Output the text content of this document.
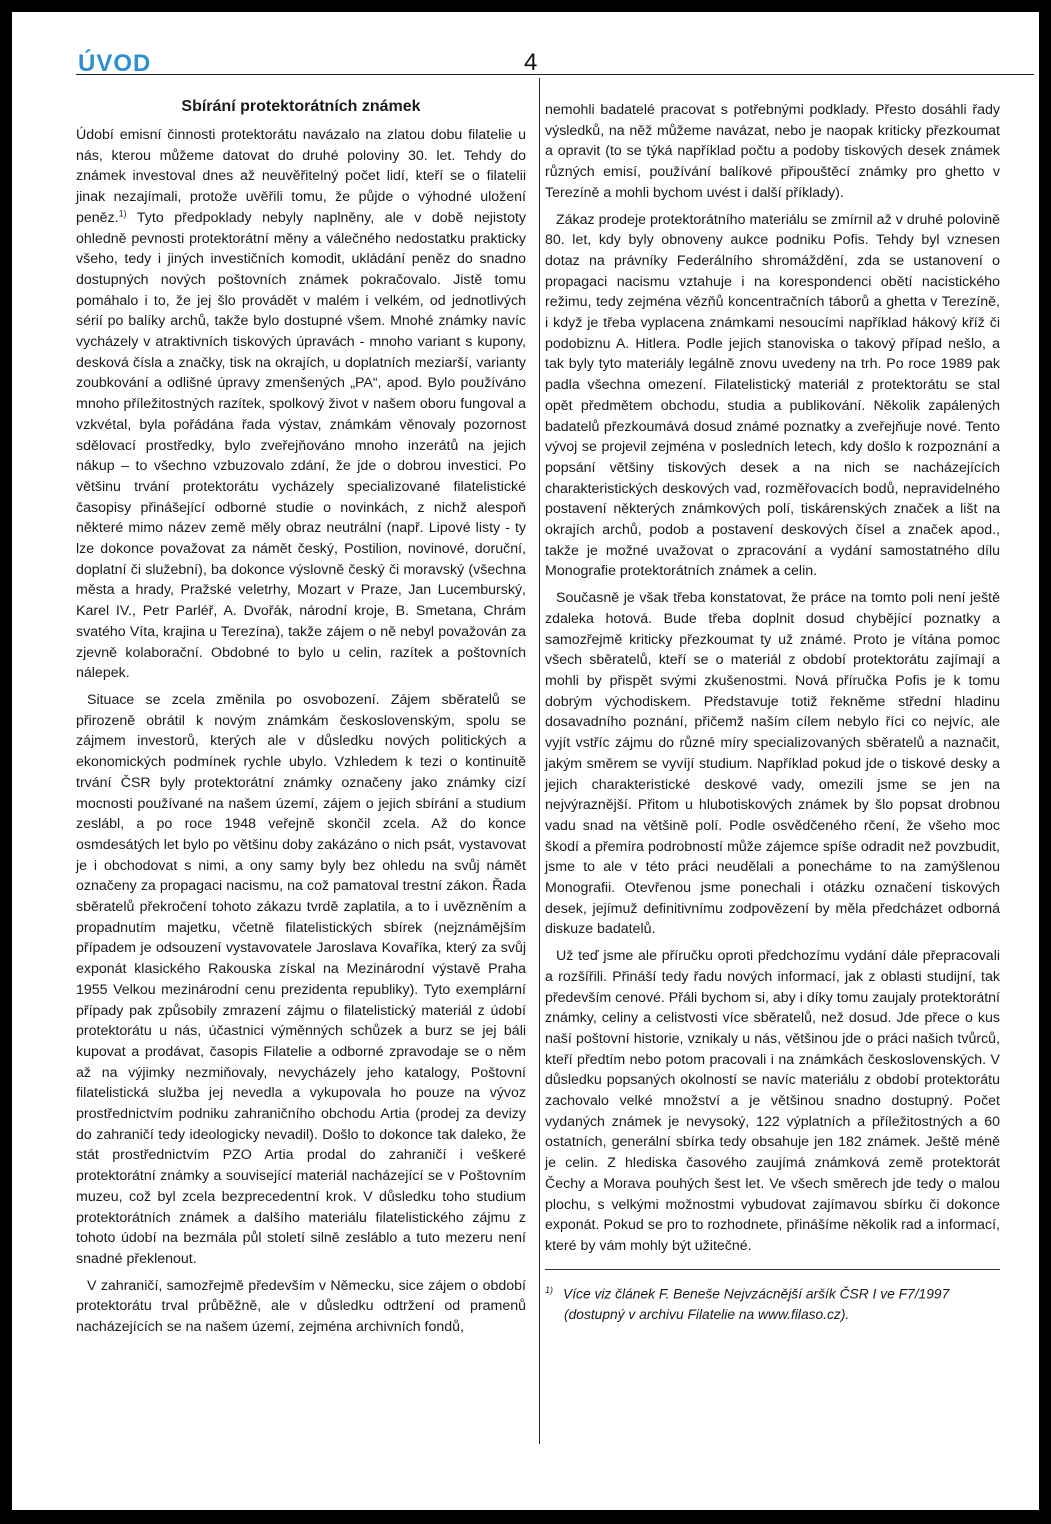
ÚVOD	4
Sbírání protektorátních známek

Údobí emisní činnosti protektorátu navázalo na zlatou dobu filatelie u nás, kterou můžeme datovat do druhé poloviny 30. let. Tehdy do známek investoval dnes až neuvěřitelný počet lidí, kteří se o filatelii jinak nezajímali, protože uvěřili tomu, že půjde o výhodné uložení peněz.$^{1)}$ Tyto předpoklady nebyly naplněny, ale v době nejistoty ohledně pevnosti protektorátní měny a válečného nedostatku prakticky všeho, tedy i jiných investičních komodit, ukládání peněz do snadno dostupných nových poštovních známek pokračovalo. Jistě tomu pomáhalo i to, že jej šlo provádět v malém i velkém, od jednotlivých sérií po balíky archů, takže bylo dostupné všem. Mnohé známky navíc vycházely v atraktivních tiskových úpravách - mnoho variant s kupony, desková čísla a značky, tisk na okrajích, u doplatních meziarší, varianty zoubkování a odlišné úpravy zmenšených „PA“, apod. Bylo používáno mnoho příležitostných razítek, spolkový život v našem oboru fungoval a vzkvétal, byla pořádána řada výstav, známkám věnovaly pozornost sdělovací prostředky, bylo zveřejňováno mnoho inzerátů na jejich nákup – to všechno vzbuzovalo zdání, že jde o dobrou investici. Po většinu trvání protektorátu vycházely specializované filatelistické časopisy přinášející odborné studie o novinkách, z nichž alespoň některé mimo název země měly obraz neutrální (např. Lipové listy - ty lze dokonce považovat za námět český, Postilion, novinové, doruční, doplatní či služební), ba dokonce výslovně český či moravský (všechna města a hrady, Pražské veletrhy, Mozart v Praze, Jan Lucemburský, Karel IV., Petr Parléř, A. Dvořák, národní kroje, B. Smetana, Chrám svatého Víta, krajina u Terezína), takže zájem o ně nebyl považován za zjevně kolaborační. Obdobné to bylo u celin, razítek a poštovních nálepek.

Situace se zcela změnila po osvobození. Zájem sběratelů se přirozeně obrátil k novým známkám československým, spolu se zájmem investorů, kterých ale v důsledku nových politických a ekonomických podmínek rychle ubylo. Vzhledem k tezi o kontinuitě trvání ČSR byly protektorátní známky označeny jako známky cizí mocnosti používané na našem území, zájem o jejich sbírání a studium zeslábl, a po roce 1948 veřejně skončil zcela. Až do konce osmdesátých let bylo po většinu doby zakázáno o nich psát, vystavovat je i obchodovat s nimi, a ony samy byly bez ohledu na svůj námět označeny za propagaci nacismu, na což pamatoval trestní zákon. Řada sběratelů překročení tohoto zákazu tvrdě zaplatila, a to i uvězněním a propadnutím majetku, včetně filatelistických sbírek (nejznámějším případem je odsouzení vystavovatele Jaroslava Kovaříka, který za svůj exponát klasického Rakouska získal na Mezinárodní výstavě Praha 1955 Velkou mezinárodní cenu prezidenta republiky). Tyto exemplární případy pak způsobily zmrazení zájmu o filatelistický materiál z údobí protektorátu u nás, účastnici výměnných schůzek a burz se jej báli kupovat a prodávat, časopis Filatelie a odborné zpravodaje se o něm až na výjimky nezmiňovaly, nevycházely jeho katalogy, Poštovní filatelistická služba jej nevedla a vykupovala ho pouze na vývoz prostřednictvím podniku zahraničního obchodu Artia (prodej za devizy do zahraničí tedy ideologicky nevadil). Došlo to dokonce tak daleko, že stát prostřednictvím PZO Artia prodal do zahraničí i veškeré protektorátní známky a související materiál nacházející se v Poštovním muzeu, což byl zcela bezprecedentní krok. V důsledku toho studium protektorátních známek a dalšího materiálu filatelistického zájmu z tohoto údobí na bezmála půl století silně zesláblo a tuto mezeru není snadné překlenout.

V zahraničí, samozřejmě především v Německu, sice zájem o období protektorátu trval průběžně, ale v důsledku odtržení od pramenů nacházejících se na našem území, zejména archivních fondů,

nemohli badatelé pracovat s potřebnými podklady. Přesto dosáhli řady výsledků, na něž můžeme navázat, nebo je naopak kriticky přezkoumat a opravit (to se týká například počtu a podoby tiskových desek známek různých emisí, používání balíkové připouštěcí známky pro ghetto v Terezíně a mohli bychom uvést i další příklady).

Zákaz prodeje protektorátního materiálu se zmírnil až v druhé polovině 80. let, kdy byly obnoveny aukce podniku Pofis. Tehdy byl vznesen dotaz na právníky Federálního shromáždění, zda se ustanovení o propagaci nacismu vztahuje i na korespondenci obětí nacistického režimu, tedy zejména vězňů koncentračních táborů a ghetta v Terezíně, i když je třeba vyplacena známkami nesoucími například hákový kříž či podobiznu A. Hitlera. Podle jejich stanoviska o takový případ nešlo, a tak byly tyto materiály legálně znovu uvedeny na trh. Po roce 1989 pak padla všechna omezení. Filatelistický materiál z protektorátu se stal opět předmětem obchodu, studia a publikování. Několik zapálených badatelů přezkoumává dosud známé poznatky a zveřejňuje nové. Tento vývoj se projevil zejména v posledních letech, kdy došlo k rozpoznání a popsání většiny tiskových desek a na nich se nacházejících charakteristických deskových vad, rozměřovacích bodů, nepravidelného postavení některých známkových polí, tiskárenských značek a lišt na okrajích archů, podob a postavení deskových čísel a značek apod., takže je možné uvažovat o zpracování a vydání samostatného dílu Monografie protektorátních známek a celin.

Současně je však třeba konstatovat, že práce na tomto poli není ještě zdaleka hotová. Bude třeba doplnit dosud chybějící poznatky a samozřejmě kriticky přezkoumat ty už známé. Proto je vítána pomoc všech sběratelů, kteří se o materiál z období protektorátu zajímají a mohli by přispět svými zkušenostmi. Nová příručka Pofis je k tomu dobrým východiskem. Představuje totiž řekněme střední hladinu dosavadního poznání, přičemž naším cílem nebylo říci co nejvíc, ale vyjít vstříc zájmu do různé míry specializovaných sběratelů a naznačit, jakým směrem se vyvíjí studium. Například pokud jde o tiskové desky a jejich charakteristické deskové vady, omezili jsme se jen na nejvýraznější. Přitom u hlubotiskových známek by šlo popsat drobnou vadu snad na většině polí. Podle osvědčeného rčení, že všeho moc škodí a přemíra podrobností může zájemce spíše odradit než povzbudit, jsme to ale v této práci neudělali a ponecháme to na zamýšlenou Monografii. Otevřenou jsme ponechali i otázku označení tiskových desek, jejímuž definitivnímu zodpovězení by měla předcházet odborná diskuze badatelů.

Už teď jsme ale příručku oproti předchozímu vydání dále přepracovali a rozšířili. Přináší tedy řadu nových informací, jak z oblasti studijní, tak především cenové. Přáli bychom si, aby i díky tomu zaujaly protektorátní známky, celiny a celistvosti více sběratelů, než dosud. Jde přece o kus naší poštovní historie, vznikaly u nás, většinou jde o práci našich tvůrců, kteří předtím nebo potom pracovali i na známkách československých. V důsledku popsaných okolností se navíc materiálu z období protektorátu zachovalo velké množství a je většinou snadno dostupný. Počet vydaných známek je nevysoký, 122 výplatních a příležitostných a 60 ostatních, generální sbírka tedy obsahuje jen 182 známek. Ještě méně je celin. Z hlediska časového zaujímá známková země protektorát Čechy a Morava pouhých šest let. Ve všech směrech jde tedy o malou plochu, s velkými možnostmi vybudovat zajímavou sbírku či dokonce exponát. Pokud se pro to rozhodnete, přinášíme několik rad a informací, které by vám mohly být užitečné.

$^{1)}$ Více viz článek F. Beneše Nejvzácnější aršík ČSR I ve F7/1997
(dostupný v archivu Filatelie na www.filaso.cz).
